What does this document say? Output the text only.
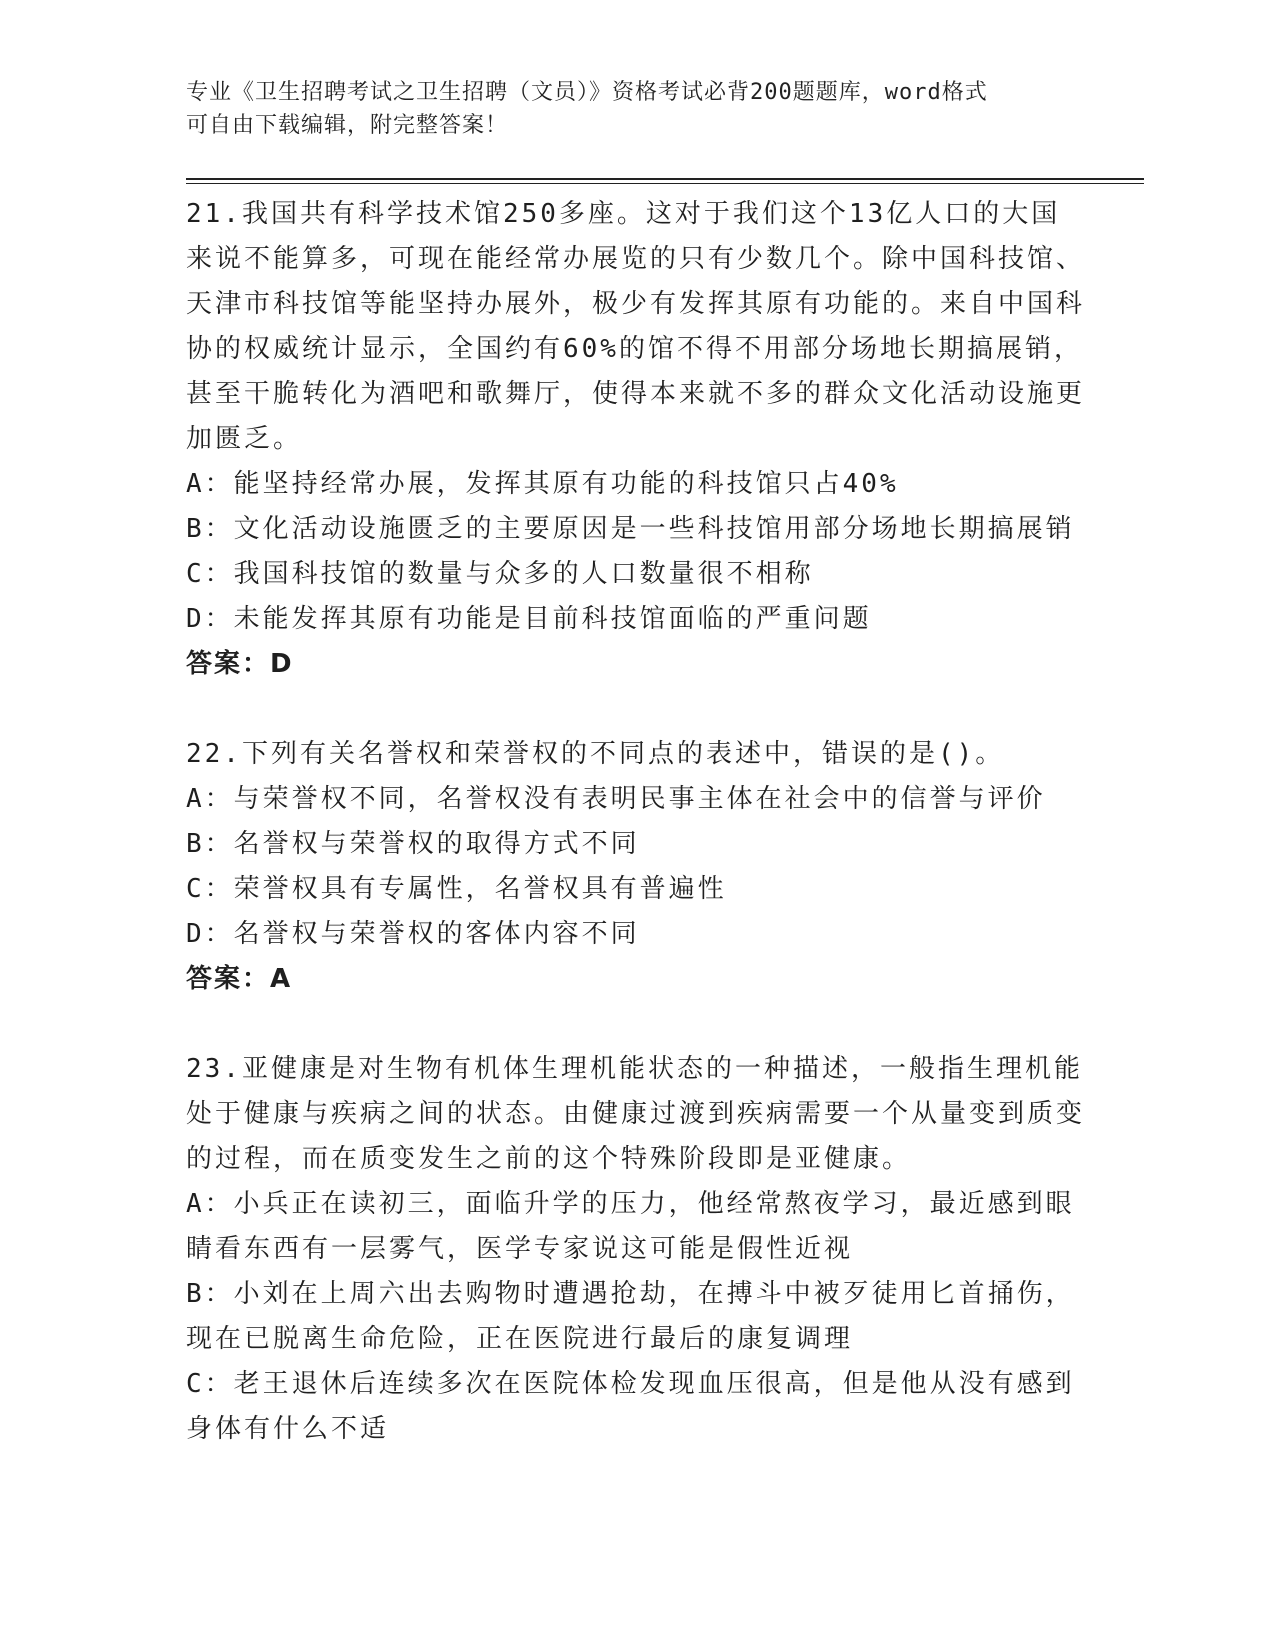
专业《卫生招聘考试之卫生招聘（文员）》资格考试必背200题题库，word格式
可自由下载编辑，附完整答案！

21.我国共有科学技术馆250多座。这对于我们这个13亿人口的大国来说不能算多，可现在能经常办展览的只有少数几个。除中国科技馆、天津市科技馆等能坚持办展外，极少有发挥其原有功能的。来自中国科协的权威统计显示，全国约有60%的馆不得不用部分场地长期搞展销，甚至干脆转化为酒吧和歌舞厅，使得本来就不多的群众文化活动设施更加匮乏。

A：能坚持经常办展，发挥其原有功能的科技馆只占40%

B：文化活动设施匮乏的主要原因是一些科技馆用部分场地长期搞展销

C：我国科技馆的数量与众多的人口数量很不相称

D：未能发挥其原有功能是目前科技馆面临的严重问题

答案：D

22.下列有关名誉权和荣誉权的不同点的表述中，错误的是()。

A：与荣誉权不同，名誉权没有表明民事主体在社会中的信誉与评价

B：名誉权与荣誉权的取得方式不同

C：荣誉权具有专属性，名誉权具有普遍性

D：名誉权与荣誉权的客体内容不同

答案：A

23.亚健康是对生物有机体生理机能状态的一种描述，一般指生理机能处于健康与疾病之间的状态。由健康过渡到疾病需要一个从量变到质变的过程，而在质变发生之前的这个特殊阶段即是亚健康。

A：小兵正在读初三，面临升学的压力，他经常熬夜学习，最近感到眼睛看东西有一层雾气，医学专家说这可能是假性近视

B：小刘在上周六出去购物时遭遇抢劫，在搏斗中被歹徒用匕首捅伤，现在已脱离生命危险，正在医院进行最后的康复调理

C：老王退休后连续多次在医院体检发现血压很高，但是他从没有感到身体有什么不适
